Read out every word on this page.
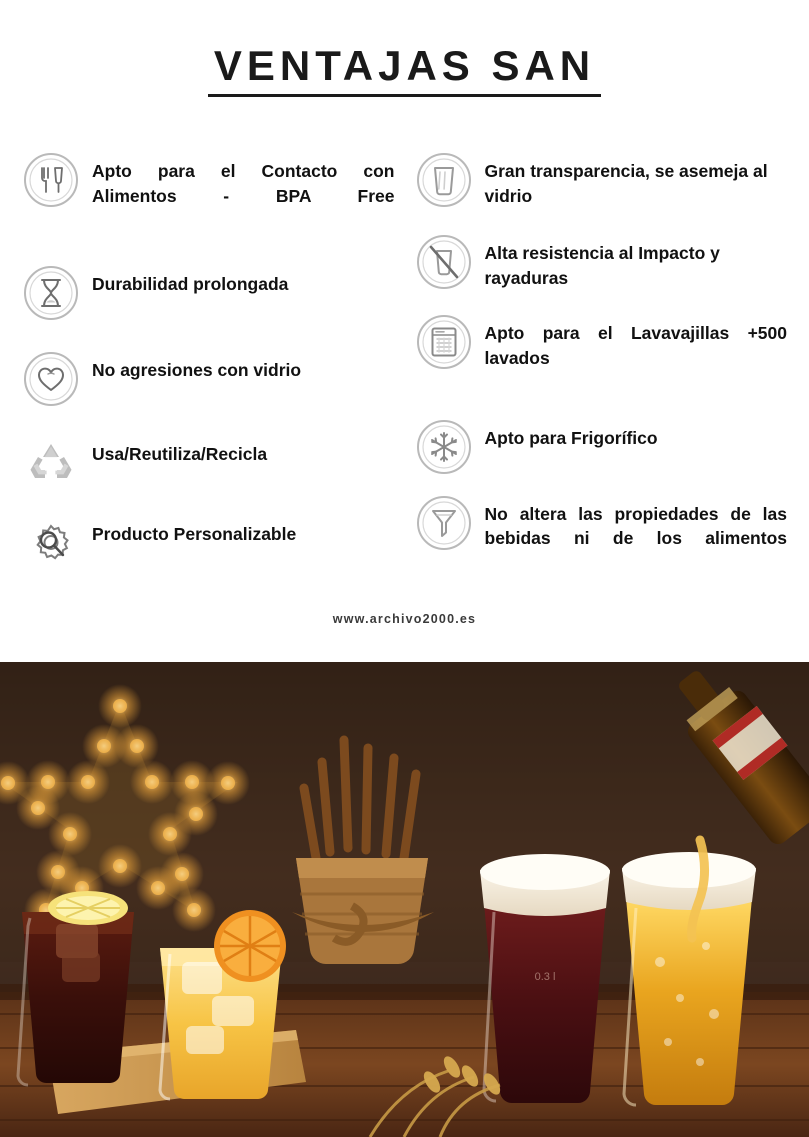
VENTAJAS SAN
Apto para el Contacto con Alimentos - BPA Free
Durabilidad prolongada
No agresiones con vidrio
Usa/Reutiliza/Recicla
Producto Personalizable
Gran transparencia, se asemeja al vidrio
Alta resistencia al Impacto y rayaduras
Apto para el Lavavajillas +500 lavados
Apto para Frigorífico
No altera las propiedades de las bebidas ni de los alimentos
www.archivo2000.es
0.3 l
